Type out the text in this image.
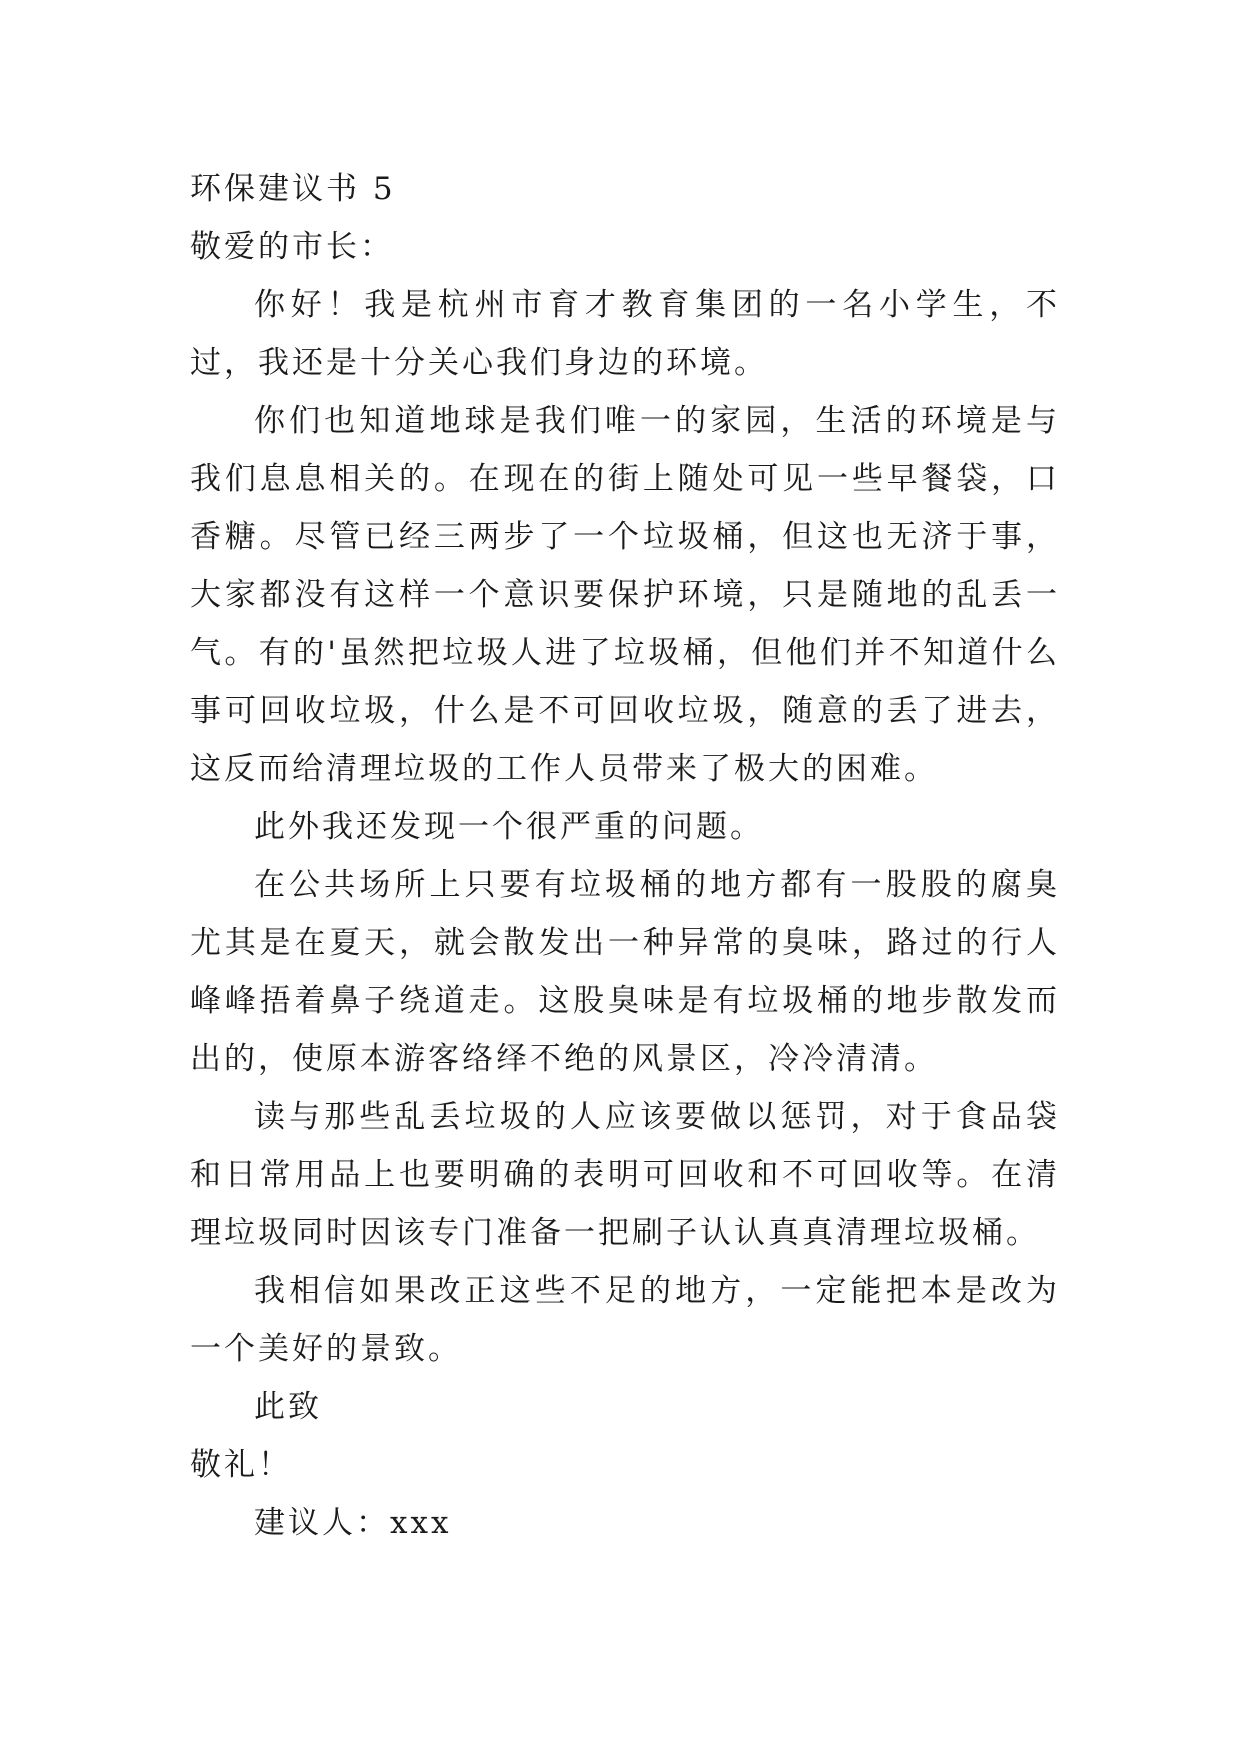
环保建议书 5

敬爱的市长：

你好！我是杭州市育才教育集团的一名小学生，不过，我还是十分关心我们身边的环境。

你们也知道地球是我们唯一的家园，生活的环境是与我们息息相关的。在现在的街上随处可见一些早餐袋，口香糖。尽管已经三两步了一个垃圾桶，但这也无济于事，大家都没有这样一个意识要保护环境，只是随地的乱丢一气。有的'虽然把垃圾人进了垃圾桶，但他们并不知道什么事可回收垃圾，什么是不可回收垃圾，随意的丢了进去，这反而给清理垃圾的工作人员带来了极大的困难。

此外我还发现一个很严重的问题。

在公共场所上只要有垃圾桶的地方都有一股股的腐臭尤其是在夏天，就会散发出一种异常的臭味，路过的行人峰峰捂着鼻子绕道走。这股臭味是有垃圾桶的地步散发而出的，使原本游客络绎不绝的风景区，冷冷清清。

读与那些乱丢垃圾的人应该要做以惩罚，对于食品袋和日常用品上也要明确的表明可回收和不可回收等。在清理垃圾同时因该专门准备一把刷子认认真真清理垃圾桶。

我相信如果改正这些不足的地方，一定能把本是改为一个美好的景致。

此致

敬礼！

建议人：xxx
